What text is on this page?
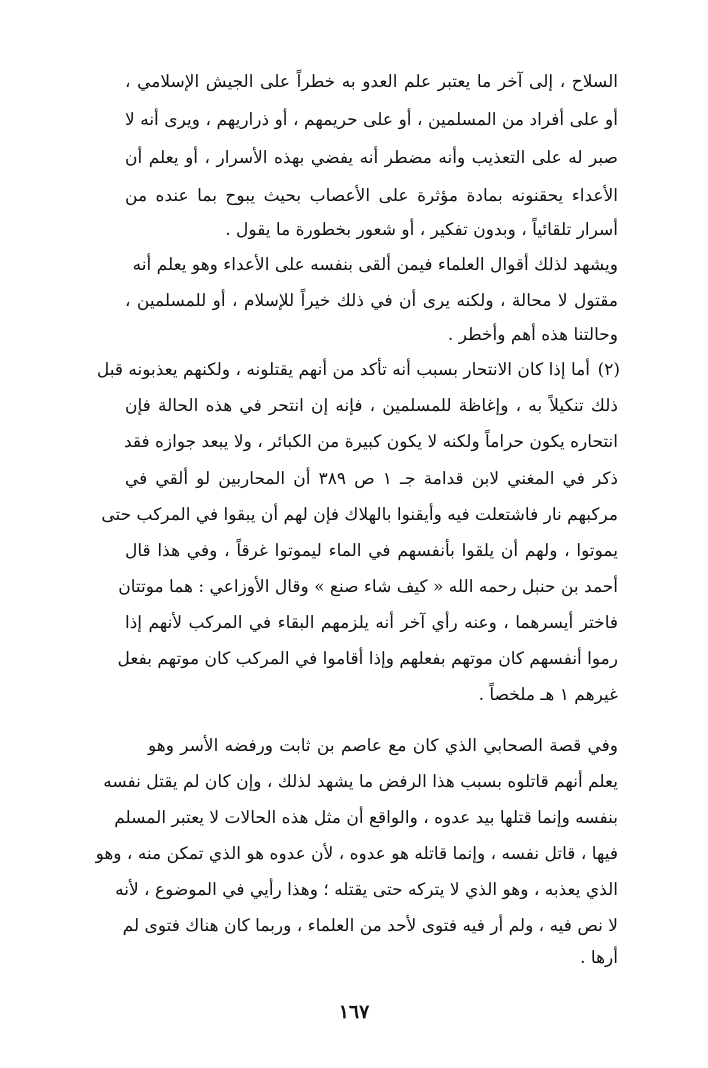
السلاح ، إلى آخر ما يعتبر علم العدو به خطراً على الجيش الإسلامي ،
أو على أفراد من المسلمين ، أو على حريمهم ، أو ذراريهم ، ويرى أنه لا
صبر له على التعذيب وأنه مضطر أنه يفضي بهذه الأسرار ، أو يعلم أن
الأعداء يحقنونه بمادة مؤثرة على الأعصاب بحيث يبوح بما عنده من
أسرار تلقائياً ، وبدون تفكير ، أو شعور بخطورة ما يقول .
ويشهد لذلك أقوال العلماء فيمن ألقى بنفسه على الأعداء وهو يعلم أنه
مقتول لا محالة ، ولكنه يرى أن في ذلك خيراً للإسلام ، أو للمسلمين ،
وحالتنا هذه أهم وأخطر .
(٢)
أما إذا كان الانتحار بسبب أنه تأكد من أنهم يقتلونه ، ولكنهم يعذبونه قبل
ذلك تنكيلاً به ، وإغاظة للمسلمين ، فإنه إن انتحر في هذه الحالة فإن
انتحاره يكون حراماً ولكنه لا يكون كبيرة من الكبائر ، ولا يبعد جوازه فقد
ذكر في المغني لابن قدامة جـ ١ ص ٣٨٩ أن المحاربين لو ألقي في
مركبهم نار فاشتعلت فيه وأيقنوا بالهلاك فإن لهم أن يبقوا في المركب حتى
يموتوا ، ولهم أن يلقوا بأنفسهم في الماء ليموتوا غرقاً ، وفي هذا قال
أحمد بن حنبل رحمه الله « كيف شاء صنع » وقال الأوزاعي : هما موتتان
فاختر أيسرهما ، وعنه رأي آخر أنه يلزمهم البقاء في المركب لأنهم إذا
رموا أنفسهم كان موتهم بفعلهم وإذا أقاموا في المركب كان موتهم بفعل
غيرهم ١ هـ ملخصاً .
وفي قصة الصحابي الذي كان مع عاصم بن ثابت ورفضه الأسر وهو
يعلم أنهم قاتلوه بسبب هذا الرفض ما يشهد لذلك ، وإن كان لم يقتل نفسه
بنفسه وإنما قتلها بيد عدوه ، والواقع أن مثل هذه الحالات لا يعتبر المسلم
فيها ، قاتل نفسه ، وإنما قاتله هو عدوه ، لأن عدوه هو الذي تمكن منه ، وهو
الذي يعذبه ، وهو الذي لا يتركه حتى يقتله ؛ وهذا رأيي في الموضوع ، لأنه
لا نص فيه ، ولم أر فيه فتوى لأحد من العلماء ، وربما كان هناك فتوى لم
أرها .
١٦٧
